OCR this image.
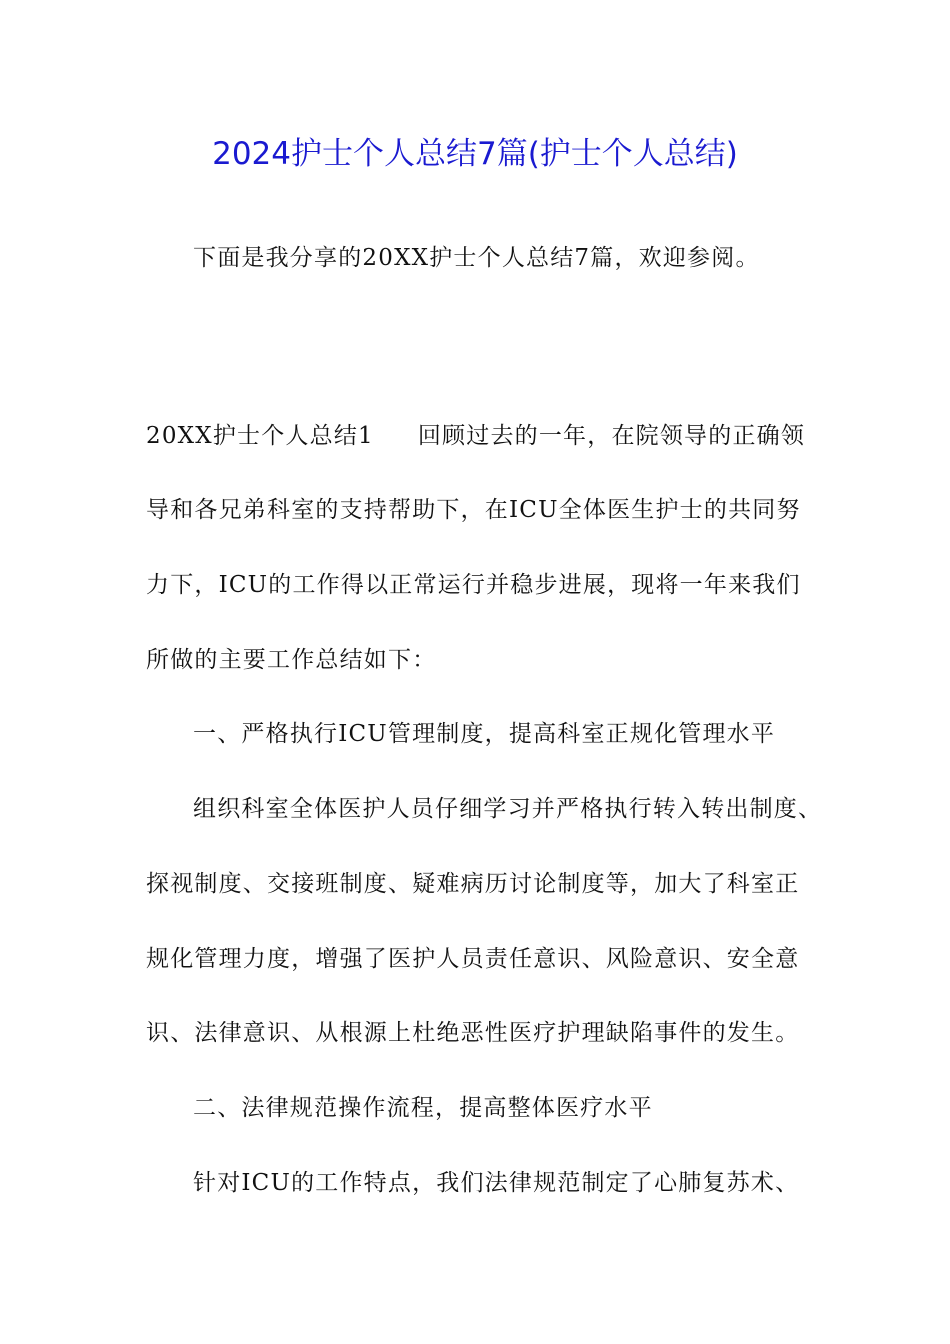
2024护士个人总结7篇(护士个人总结)
下面是我分享的20XX护士个人总结7篇，欢迎参阅。
20XX护士个人总结1 回顾过去的一年，在院领导的正确领
导和各兄弟科室的支持帮助下，在ICU全体医生护士的共同努
力下，ICU的工作得以正常运行并稳步进展，现将一年来我们
所做的主要工作总结如下：
一、严格执行ICU管理制度，提高科室正规化管理水平
组织科室全体医护人员仔细学习并严格执行转入转出制度、
探视制度、交接班制度、疑难病历讨论制度等，加大了科室正
规化管理力度，增强了医护人员责任意识、风险意识、安全意
识、法律意识、从根源上杜绝恶性医疗护理缺陷事件的发生。
二、法律规范操作流程，提高整体医疗水平
针对ICU的工作特点，我们法律规范制定了心肺复苏术、
